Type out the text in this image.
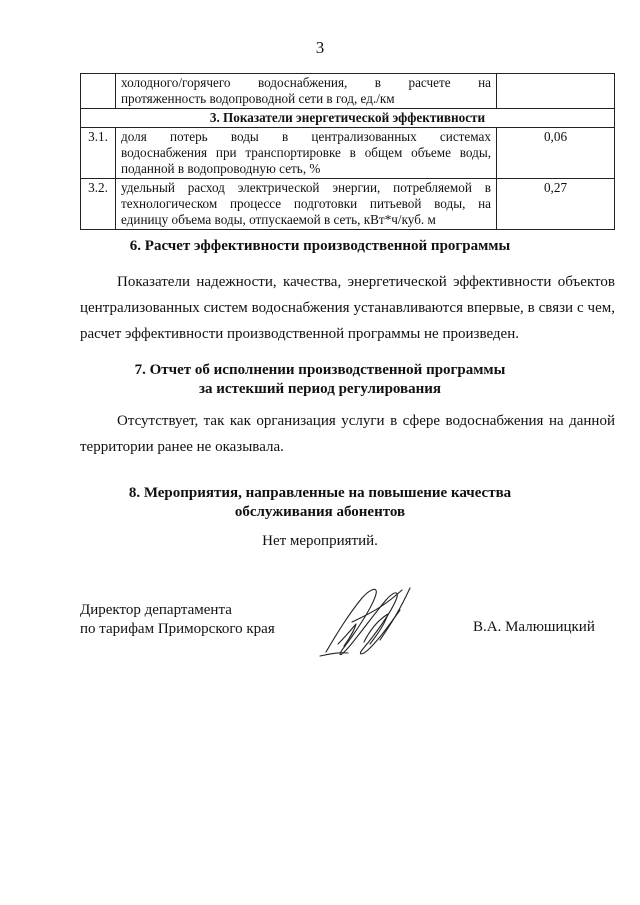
3

	холодного/горячего водоснабжения, в расчете на
протяженность водопроводной сети в год, ед./км	
3. Показатели энергетической эффективности		
3.1.	доля потерь воды в централизованных системах
водоснабжения при транспортировке в общем объеме воды,
поданной в водопроводную сеть, %	0,06
3.2.	удельный расход электрической энергии, потребляемой в
технологическом процессе подготовки питьевой воды, на
единицу объема воды, отпускаемой в сеть, кВт*ч/куб. м	0,27
6. Расчет эффективности производственной программы
Показатели надежности, качества, энергетической эффективности объектов
централизованных систем водоснабжения устанавливаются впервые, в связи с чем, расчет эффективности производственной программы не произведен.
7. Отчет об исполнении производственной программы
за истекший период регулирования
Отсутствует, так как организация услуги в сфере водоснабжения на данной
территории ранее не оказывала.
8. Мероприятия, направленные на повышение качества
обслуживания абонентов
Нет мероприятий.
Директор департамента
по тарифам Приморского края	В.А. Малюшицкий
